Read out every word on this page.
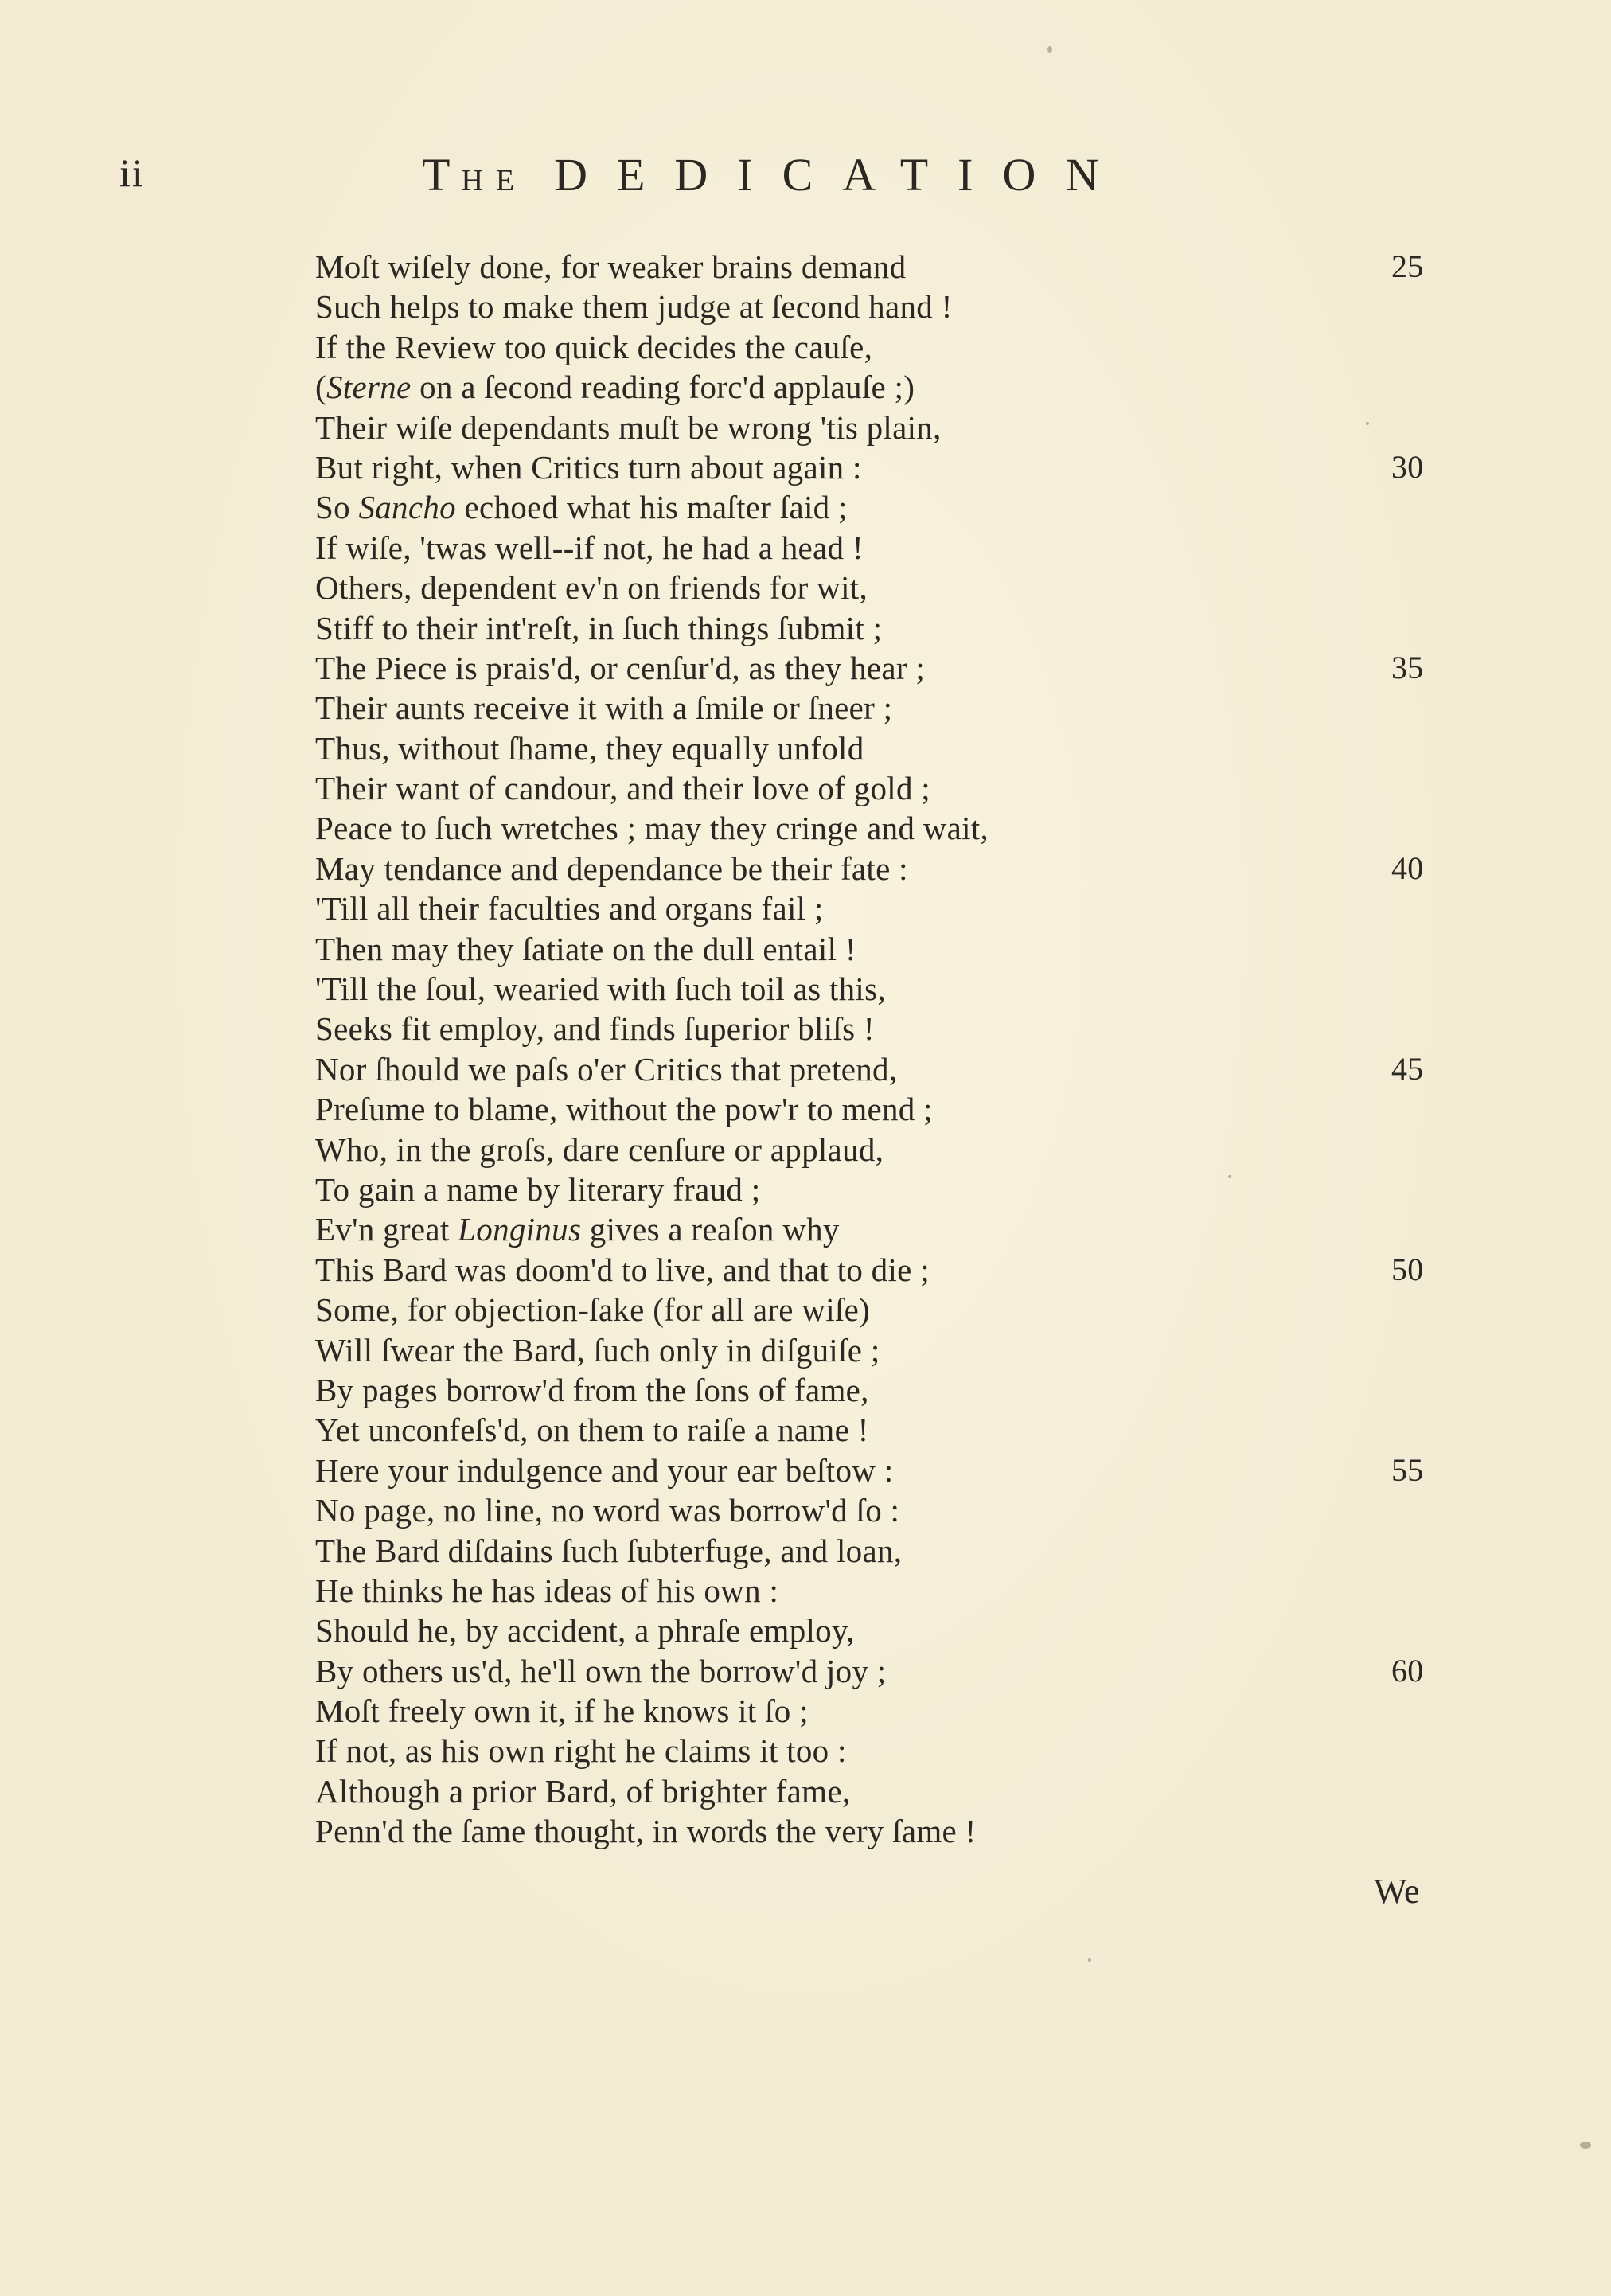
ii	THE DEDICATION
Moſt wiſely done, for weaker brains demand	25
Such helps to make them judge at ſecond hand !
If the Review too quick decides the cauſe,
(Sterne on a ſecond reading forc'd applauſe ;)
Their wiſe dependants muſt be wrong 'tis plain,
But right, when Critics turn about again :	30
So Sancho echoed what his maſter ſaid ;
If wiſe, 'twas well--if not, he had a head !
Others, dependent ev'n on friends for wit,
Stiff to their int'reſt, in ſuch things ſubmit ;
The Piece is prais'd, or cenſur'd, as they hear ;	35
Their aunts receive it with a ſmile or ſneer ;
Thus, without ſhame, they equally unfold
Their want of candour, and their love of gold ;
Peace to ſuch wretches ; may they cringe and wait,
May tendance and dependance be their fate :	40
'Till all their faculties and organs fail ;
Then may they ſatiate on the dull entail !
'Till the ſoul, wearied with ſuch toil as this,
Seeks fit employ, and finds ſuperior bliſs !
Nor ſhould we paſs o'er Critics that pretend,	45
Preſume to blame, without the pow'r to mend ;
Who, in the groſs, dare cenſure or applaud,
To gain a name by literary fraud ;
Ev'n great Longinus gives a reaſon why
This Bard was doom'd to live, and that to die ;	50
Some, for objection-ſake (for all are wiſe)
Will ſwear the Bard, ſuch only in diſguiſe ;
By pages borrow'd from the ſons of fame,
Yet unconfeſs'd, on them to raiſe a name !
Here your indulgence and your ear beſtow :	55
No page, no line, no word was borrow'd ſo :
The Bard diſdains ſuch ſubterfuge, and loan,
He thinks he has ideas of his own :
Should he, by accident, a phraſe employ,
By others us'd, he'll own the borrow'd joy ;	60
Moſt freely own it, if he knows it ſo ;
If not, as his own right he claims it too :
Although a prior Bard, of brighter fame,
Penn'd the ſame thought, in words the very ſame !
We
